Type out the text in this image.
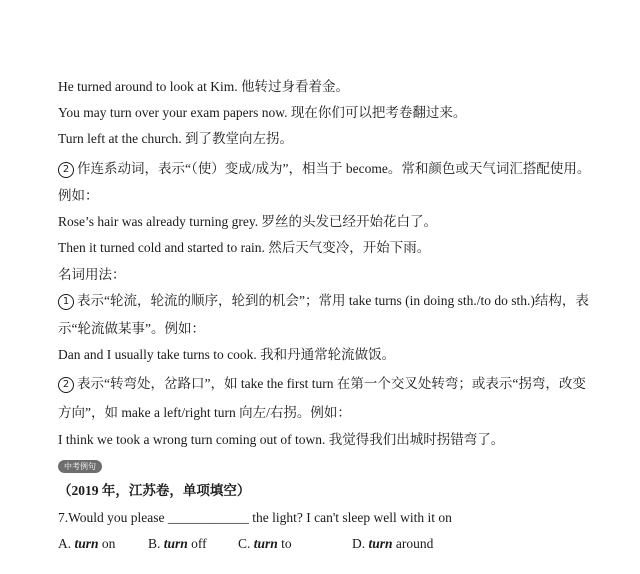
He turned around to look at Kim. 他转过身看着金。
You may turn over your exam papers now. 现在你们可以把考卷翻过来。
Turn left at the church. 到了教堂向左拐。
2 作连系动词，表示“（使）变成/成为”，相当于 become。常和颜色或天气词汇搭配使用。
例如：
Rose’s hair was already turning grey. 罗丝的头发已经开始花白了。
Then it turned cold and started to rain. 然后天气变冷，开始下雨。
名词用法：
1 表示“轮流，轮流的顺序，轮到的机会”；常用 take turns (in doing sth./to do sth.)结构，表
示“轮流做某事”。例如：
Dan and I usually take turns to cook. 我和丹通常轮流做饭。
2 表示“转弯处，岔路口”，如 take the first turn 在第一个交叉处转弯；或表示“拐弯，改变
方向”，如 make a left/right turn 向左/右拐。例如：
I think we took a wrong turn coming out of town. 我觉得我们出城时拐错弯了。
中考例句
（2019 年，江苏卷，单项填空）
7.Would you please ____________ the light? I can't sleep well with it on
A. turn on B. turn off C. turn to	D. turn around
